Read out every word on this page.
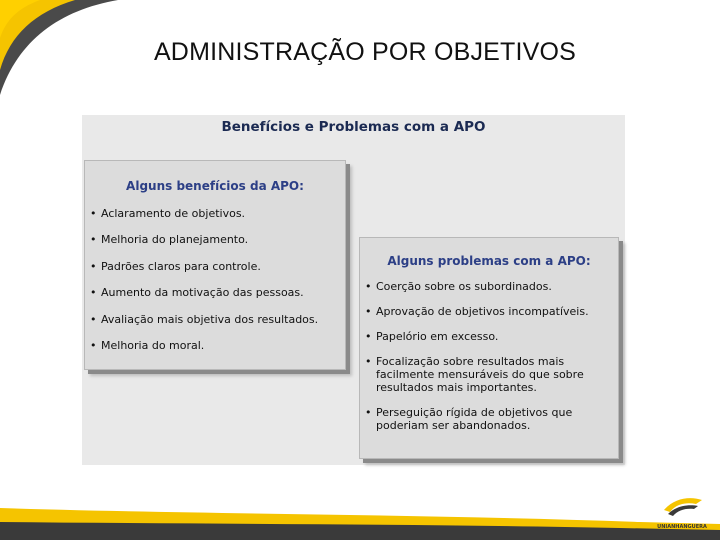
ADMINISTRAÇÃO POR OBJETIVOS
Benefícios e Problemas com a APO
Alguns benefícios da APO:
• Aclaramento de objetivos.
• Melhoria do planejamento.
• Padrões claros para controle.
• Aumento da motivação das pessoas.
• Avaliação mais objetiva dos resultados.
• Melhoria do moral.
Alguns problemas com a APO:
• Coerção sobre os subordinados.
• Aprovação de objetivos incompatíveis.
• Papelório em excesso.
• Focalização sobre resultados mais facilmente mensuráveis do que sobre resultados mais importantes.
• Perseguição rígida de objetivos que poderiam ser abandonados.
UNIANHANGUERA
